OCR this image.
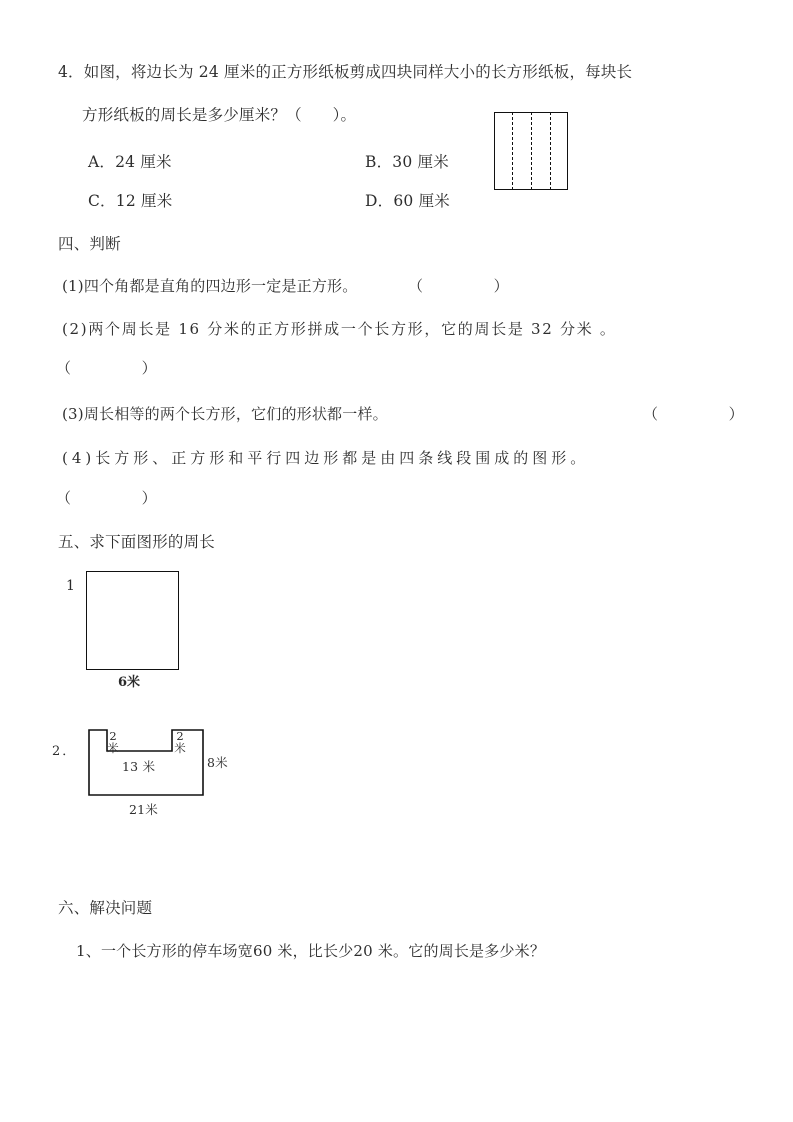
4．如图，将边长为 24 厘米的正方形纸板剪成四块同样大小的长方形纸板，每块长
方形纸板的周长是多少厘米？（      ）。
A．24 厘米	B．30 厘米
C．12 厘米	D．60 厘米
四、判断
(1)四个角都是直角的四边形一定是正方形。	（      ）
(2)两个周长是 16 分米的正方形拼成一个长方形，它的周长是 32 分米 。
（      ）
(3)周长相等的两个长方形，它们的形状都一样。	（      ）
(4)长方形、正方形和平行四边形都是由四条线段围成的图形。
（      ）
五、求下面图形的周长
1
6米
2．
2
米
2
米
13 米	8米
21米
六、解决问题
1、一个长方形的停车场宽60 米，比长少20 米。它的周长是多少米？
